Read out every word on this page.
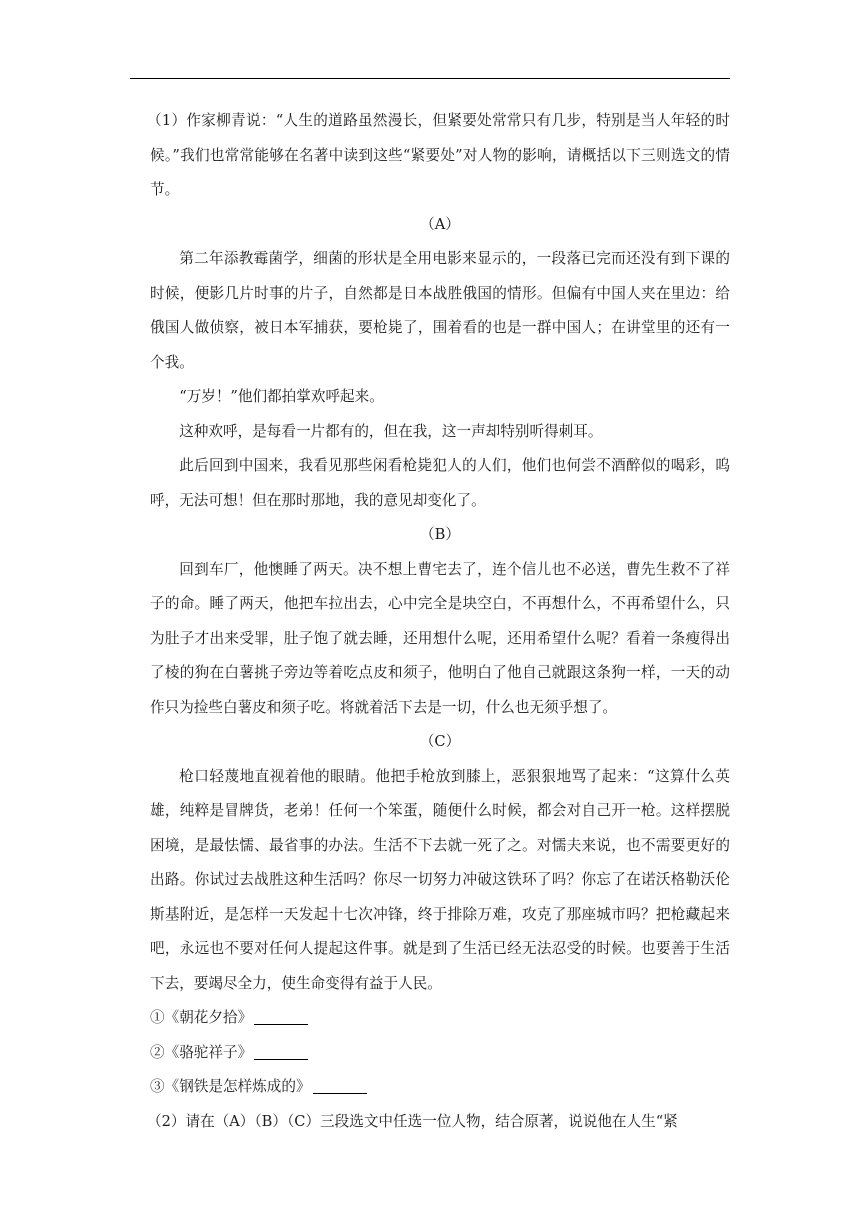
（1）作家柳青说：“人生的道路虽然漫长，但紧要处常常只有几步，特别是当人年轻的时候。”我们也常常能够在名著中读到这些“紧要处”对人物的影响，请概括以下三则选文的情节。

（A）

第二年添教霉菌学，细菌的形状是全用电影来显示的，一段落已完而还没有到下课的时候，便影几片时事的片子，自然都是日本战胜俄国的情形。但偏有中国人夹在里边：给俄国人做侦察，被日本军捕获，要枪毙了，围着看的也是一群中国人；在讲堂里的还有一个我。

“万岁！”他们都拍掌欢呼起来。

这种欢呼，是每看一片都有的，但在我，这一声却特别听得刺耳。

此后回到中国来，我看见那些闲看枪毙犯人的人们，他们也何尝不酒醉似的喝彩，呜呼，无法可想！但在那时那地，我的意见却变化了。

（B）

回到车厂，他懊睡了两天。决不想上曹宅去了，连个信儿也不必送，曹先生救不了祥子的命。睡了两天，他把车拉出去，心中完全是块空白，不再想什么，不再希望什么，只为肚子才出来受罪，肚子饱了就去睡，还用想什么呢，还用希望什么呢？看着一条瘦得出了棱的狗在白薯挑子旁边等着吃点皮和须子，他明白了他自己就跟这条狗一样，一天的动作只为捡些白薯皮和须子吃。将就着活下去是一切，什么也无须乎想了。

（C）

枪口轻蔑地直视着他的眼睛。他把手枪放到膝上，恶狠狠地骂了起来：“这算什么英雄，纯粹是冒牌货，老弟！任何一个笨蛋，随便什么时候，都会对自己开一枪。这样摆脱困境，是最怯懦、最省事的办法。生活不下去就一死了之。对懦夫来说，也不需要更好的出路。你试过去战胜这种生活吗？你尽一切努力冲破这铁环了吗？你忘了在诺沃格勒沃伦斯基附近，是怎样一天发起十七次冲锋，终于排除万难，攻克了那座城市吗？把枪藏起来吧，永远也不要对任何人提起这件事。就是到了生活已经无法忍受的时候。也要善于生活下去，要竭尽全力，使生命变得有益于人民。

①《朝花夕拾》

②《骆驼祥子》

③《钢铁是怎样炼成的》

（2）请在（A）（B）（C）三段选文中任选一位人物，结合原著，说说他在人生“紧
